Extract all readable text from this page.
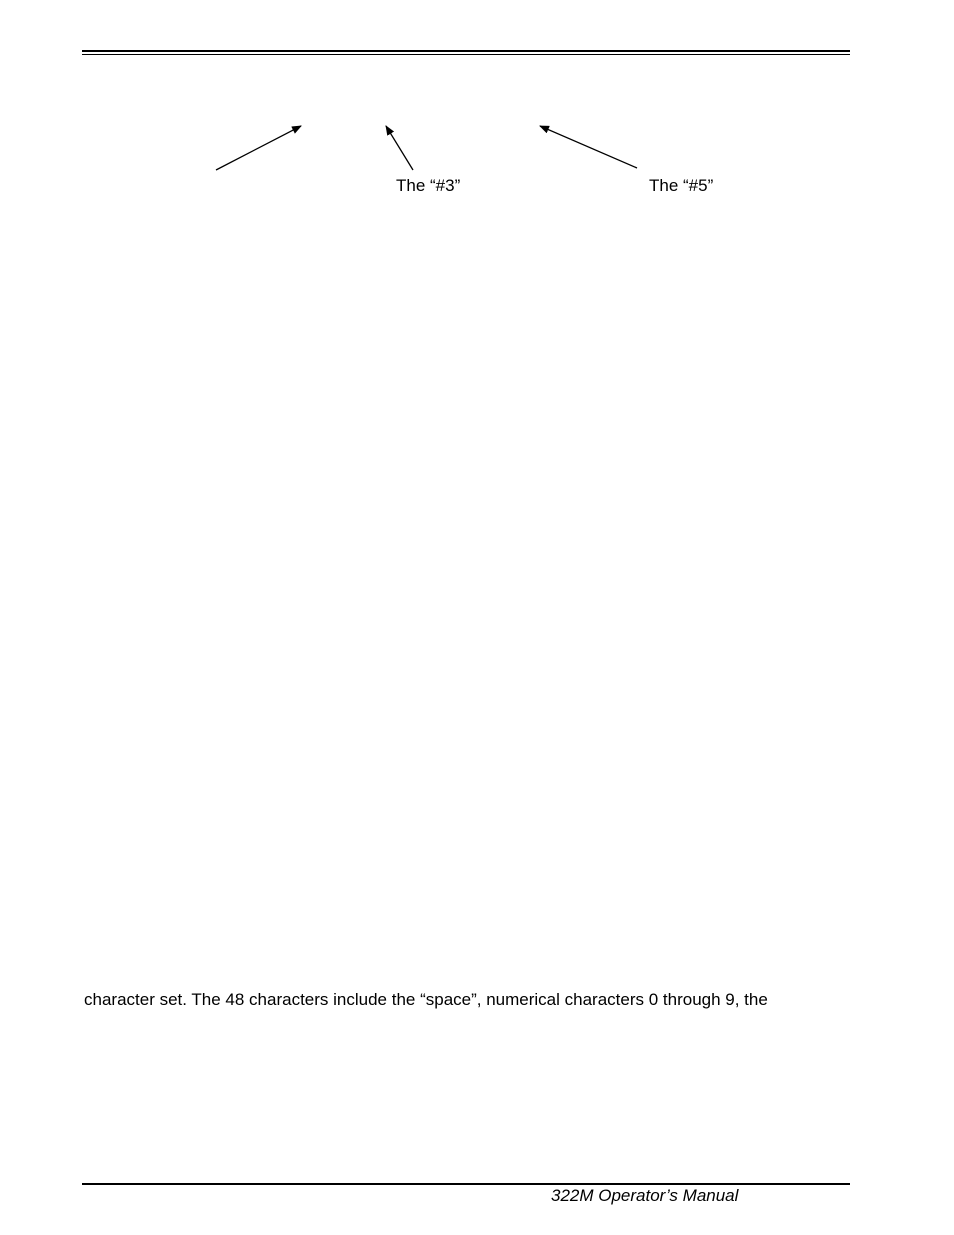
The “#3”	The “#5”
character set. The 48 characters include the “space”, numerical characters 0 through 9, the
322M Operator’s Manual
